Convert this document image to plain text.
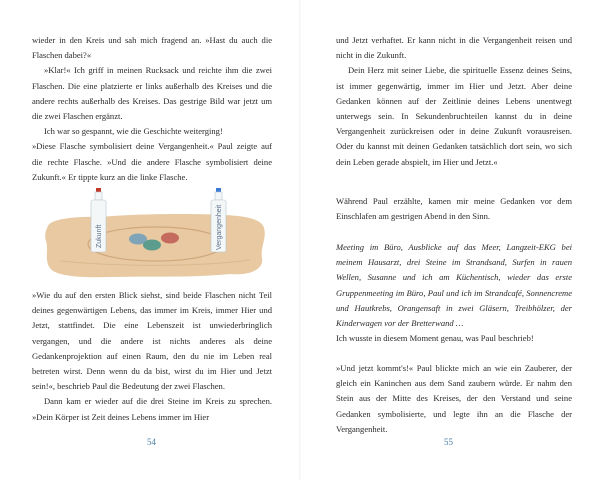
wieder in den Kreis und sah mich fragend an. »Hast du auch die Flaschen dabei?«

»Klar!« Ich griff in meinen Rucksack und reichte ihm die zwei Flaschen. Die eine platzierte er links außerhalb des Kreises und die andere rechts außerhalb des Kreises. Das gestrige Bild war jetzt um die zwei Flaschen ergänzt.

Ich war so gespannt, wie die Geschichte weiterging!

»Diese Flasche symbolisiert deine Vergangenheit.« Paul zeigte auf die rechte Flasche. »Und die andere Flasche symbolisiert deine Zukunft.« Er tippte kurz an die linke Flasche.

Zukunft	Vergangenheit

»Wie du auf den ersten Blick siehst, sind beide Flaschen nicht Teil deines gegenwärtigen Lebens, das immer im Kreis, immer Hier und Jetzt, stattfindet. Die eine Lebenszeit ist unwiederbringlich vergangen, und die andere ist nichts anderes als deine Gedankenprojektion auf einen Raum, den du nie im Leben real betreten wirst. Denn wenn du da bist, wirst du im Hier und Jetzt sein!«, beschrieb Paul die Bedeutung der zwei Flaschen.

Dann kam er wieder auf die drei Steine im Kreis zu sprechen. »Dein Körper ist Zeit deines Lebens immer im Hier

54

und Jetzt verhaftet. Er kann nicht in die Vergangenheit reisen und nicht in die Zukunft.

Dein Herz mit seiner Liebe, die spirituelle Essenz deines Seins, ist immer gegenwärtig, immer im Hier und Jetzt. Aber deine Gedanken können auf der Zeitlinie deines Lebens unentwegt unterwegs sein. In Sekundenbruchteilen kannst du in deine Vergangenheit zurückreisen oder in deine Zukunft vorausreisen. Oder du kannst mit deinen Gedanken tatsächlich dort sein, wo sich dein Leben gerade abspielt, im Hier und Jetzt.«

Während Paul erzählte, kamen mir meine Gedanken vor dem Einschlafen am gestrigen Abend in den Sinn.

Meeting im Büro, Ausblicke auf das Meer, Langzeit-EKG bei meinem Hausarzt, drei Steine im Strandsand, Surfen in rauen Wellen, Susanne und ich am Küchentisch, wieder das erste Gruppenmeeting im Büro, Paul und ich im Strandcafé, Sonnencreme und Hautkrebs, Orangensaft in zwei Gläsern, Treibhölzer, der Kinderwagen vor der Bretterwand …

Ich wusste in diesem Moment genau, was Paul beschrieb!

»Und jetzt kommt's!« Paul blickte mich an wie ein Zauberer, der gleich ein Kaninchen aus dem Sand zaubern würde. Er nahm den Stein aus der Mitte des Kreises, der den Verstand und seine Gedanken symbolisierte, und legte ihn an die Flasche der Vergangenheit.

55
